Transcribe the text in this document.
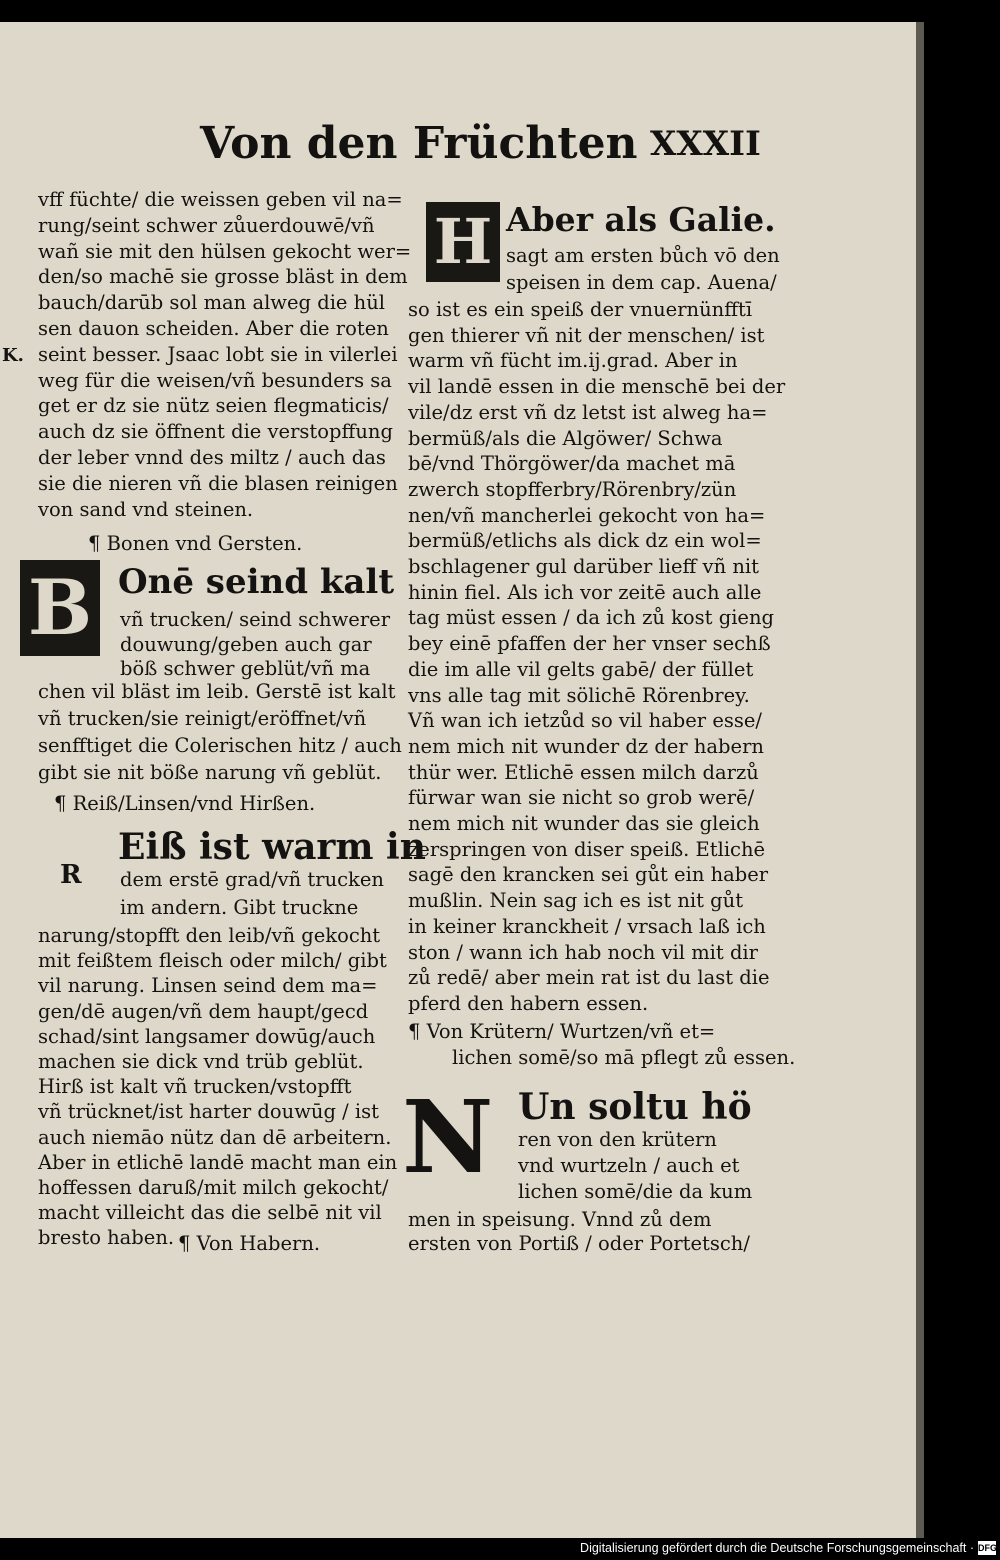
Von den Früchten XXXII
K.
vff füchte/ die weissen geben vil na=
rung/seint schwer zůuerdouwē/vñ
wañ sie mit den hülsen gekocht wer=
den/so machē sie grosse bläst in dem
bauch/darūb sol man alweg die hül
sen dauon scheiden. Aber die roten
seint besser. Jsaac lobt sie in vilerlei
weg für die weisen/vñ besunders sa
get er dz sie nütz seien flegmaticis/
auch dz sie öffnent die verstopffung
der leber vnnd des miltz / auch das
sie die nieren vñ die blasen reinigen
von sand vnd steinen.
¶ Bonen vnd Gersten.
B Onē seind kalt
vñ trucken/ seind schwerer
douwung/geben auch gar
böß schwer geblüt/vñ ma
chen vil bläst im leib. Gerstē ist kalt
vñ trucken/sie reinigt/eröffnet/vñ
senfftiget die Colerischen hitz / auch
gibt sie nit böße narung vñ geblüt.
¶ Reiß/Linsen/vnd Hirßen.
Eiß ist warm in
R dem erstē grad/vñ trucken
im andern. Gibt truckne
narung/stopfft den leib/vñ gekocht
mit feißtem fleisch oder milch/ gibt
vil narung. Linsen seind dem ma=
gen/dē augen/vñ dem haupt/gecd
schad/sint langsamer dowūg/auch
machen sie dick vnd trüb geblüt.
Hirß ist kalt vñ trucken/vstopfft
vñ trücknet/ist harter douwūg / ist
auch niemāo nütz dan dē arbeitern.
Aber in etlichē landē macht man ein
hoffessen daruß/mit milch gekocht/
macht villeicht das die selbē nit vil
bresto haben. ¶ Von Habern.
H Aber als Galie.
sagt am ersten bůch vō den
speisen in dem cap. Auena/
so ist es ein speiß der vnuernünfftī
gen thierer vñ nit der menschen/ ist
warm vñ fücht im.ij.grad. Aber in
vil landē essen in die menschē bei der
vile/dz erst vñ dz letst ist alweg ha=
bermüß/als die Algöwer/ Schwa
bē/vnd Thörgöwer/da machet mā
zwerch stopfferbry/Rörenbry/zün
nen/vñ mancherlei gekocht von ha=
bermüß/etlichs als dick dz ein wol=
bschlagener gul darüber lieff vñ nit
hinin fiel. Als ich vor zeitē auch alle
tag müst essen / da ich zů kost gieng
bey einē pfaffen der her vnser sechß
die im alle vil gelts gabē/ der füllet
vns alle tag mit sölichē Rörenbrey.
Vñ wan ich ietzůd so vil haber esse/
nem mich nit wunder dz der habern
thür wer. Etlichē essen milch darzů
fürwar wan sie nicht so grob werē/
nem mich nit wunder das sie gleich
zerspringen von diser speiß. Etlichē
sagē den krancken sei gůt ein haber
mußlin. Nein sag ich es ist nit gůt
in keiner kranckheit / vrsach laß ich
ston / wann ich hab noch vil mit dir
zů redē/ aber mein rat ist du last die
pferd den habern essen.
¶ Von Krütern/ Wurtzen/vñ et=
lichen somē/so mā pflegt zů essen.
N Un soltu hö
ren von den krütern
vnd wurtzeln / auch et
lichen somē/die da kum
men in speisung. Vnnd zů dem
ersten von Portiß / oder Portetsch/
Digitalisierung gefördert durch die Deutsche Forschungsgemeinschaft · DFG
